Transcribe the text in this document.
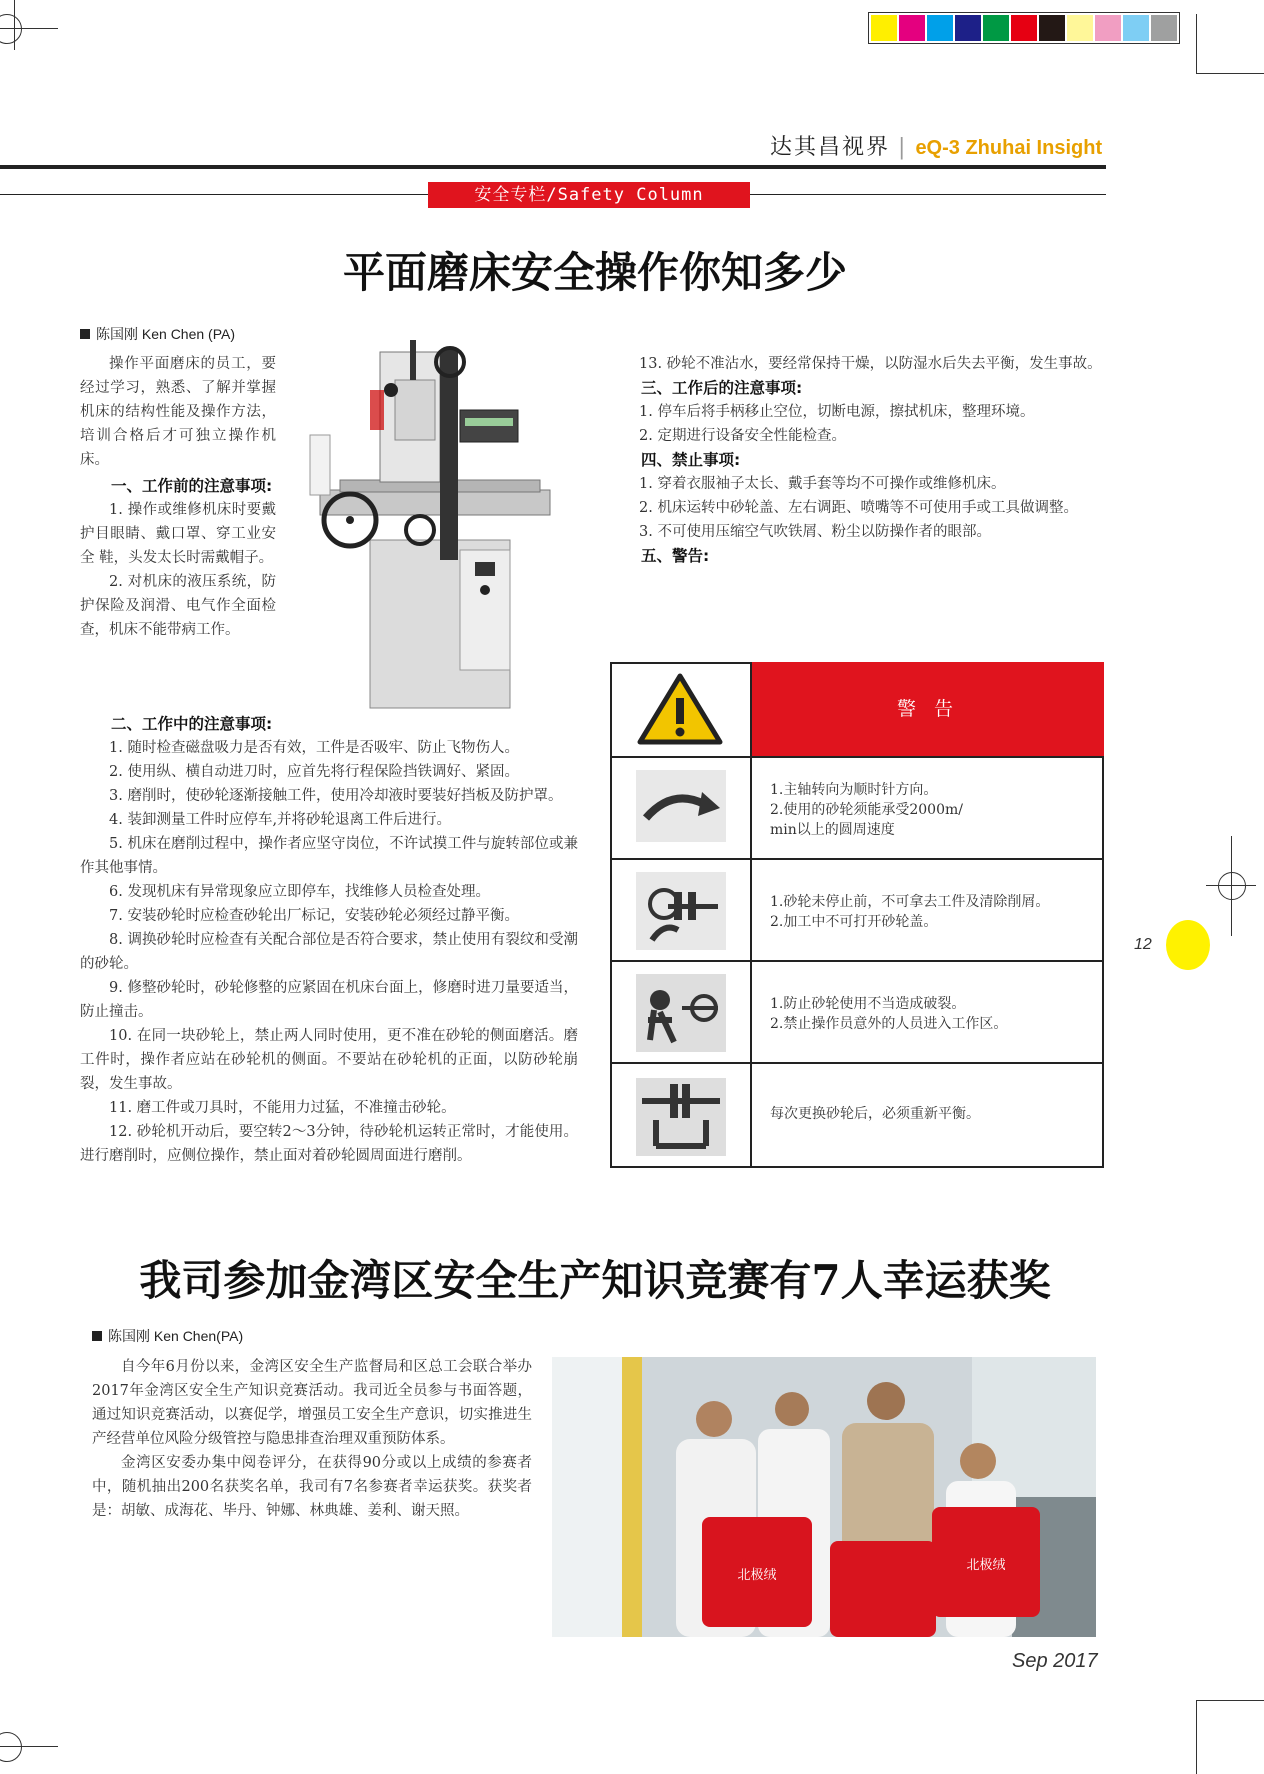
达其昌视界 | eQ-3 Zhuhai Insight
安全专栏/Safety Column
平面磨床安全操作你知多少
陈国刚 Ken Chen (PA)

操作平面磨床的员工，要经过学习，熟悉、了解并掌握机床的结构性能及操作方法，培训合格后才可独立操作机床。

一、工作前的注意事项:

1. 操作或维修机床时要戴护目眼睛、戴口罩、穿工业安全 鞋，头发太长时需戴帽子。

2. 对机床的液压系统，防护保险及润滑、电气作全面检查，机床不能带病工作。

二、工作中的注意事项:

1. 随时检查磁盘吸力是否有效，工件是否吸牢、防止飞物伤人。

2. 使用纵、横自动进刀时，应首先将行程保险挡铁调好、紧固。

3. 磨削时，使砂轮逐渐接触工件，使用冷却液时要装好挡板及防护罩。

4. 装卸测量工件时应停车,并将砂轮退离工件后进行。

5. 机床在磨削过程中，操作者应坚守岗位，不许试摸工件与旋转部位或兼作其他事情。

6. 发现机床有异常现象应立即停车，找维修人员检查处理。

7. 安装砂轮时应检查砂轮出厂标记，安装砂轮必须经过静平衡。

8. 调换砂轮时应检查有关配合部位是否符合要求，禁止使用有裂纹和受潮的砂轮。

9. 修整砂轮时，砂轮修整的应紧固在机床台面上，修磨时进刀量要适当，防止撞击。

10. 在同一块砂轮上，禁止两人同时使用，更不准在砂轮的侧面磨活。磨工件时，操作者应站在砂轮机的侧面。不要站在砂轮机的正面，以防砂轮崩裂，发生事故。

11. 磨工件或刀具时，不能用力过猛，不准撞击砂轮。

12. 砂轮机开动后，要空转2～3分钟，待砂轮机运转正常时，才能使用。进行磨削时，应侧位操作，禁止面对着砂轮圆周面进行磨削。

13. 砂轮不准沾水，要经常保持干燥，以防湿水后失去平衡，发生事故。

三、工作后的注意事项:

1. 停车后将手柄移止空位，切断电源，擦拭机床，整理环境。

2. 定期进行设备安全性能检查。

四、禁止事项:

1. 穿着衣服袖子太长、戴手套等均不可操作或维修机床。

2. 机床运转中砂轮盖、左右调距、喷嘴等不可使用手或工具做调整。

3. 不可使用压缩空气吹铁屑、粉尘以防操作者的眼部。

五、警告:

警 告
1.主轴转向为顺时针方向。
2.使用的砂轮须能承受2000m/
min以上的圆周速度
1.砂轮未停止前，不可拿去工件及清除削屑。
2.加工中不可打开砂轮盖。
1.防止砂轮使用不当造成破裂。
2.禁止操作员意外的人员进入工作区。
每次更换砂轮后，必须重新平衡。
12
我司参加金湾区安全生产知识竞赛有7人幸运获奖
陈国刚 Ken Chen(PA)

自今年6月份以来，金湾区安全生产监督局和区总工会联合举办2017年金湾区安全生产知识竞赛活动。我司近全员参与书面答题，通过知识竞赛活动，以赛促学，增强员工安全生产意识，切实推进生产经营单位风险分级管控与隐患排查治理双重预防体系。

金湾区安委办集中阅卷评分，在获得90分或以上成绩的参赛者中，随机抽出200名获奖名单，我司有7名参赛者幸运获奖。获奖者是：胡敏、成海花、毕丹、钟娜、林典雄、姜利、谢天照。

北极绒
北极绒
Sep 2017
